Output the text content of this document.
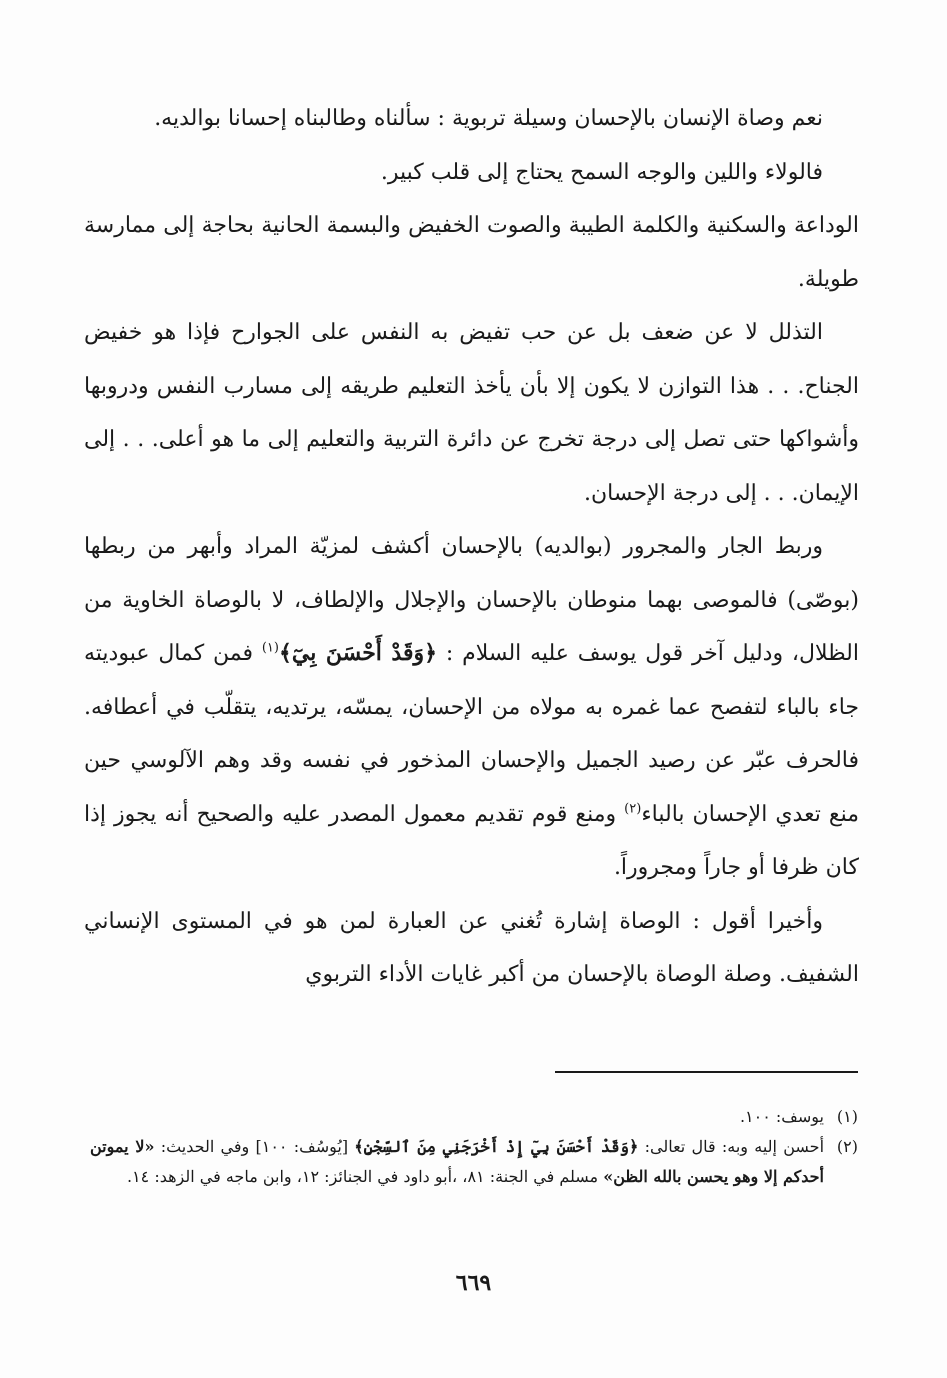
نعم وصاة الإنسان بالإحسان وسيلة تربوية : سألناه وطالبناه إحسانا بوالديه.

فالولاء واللين والوجه السمح يحتاج إلى قلب كبير.

الوداعة والسكنية والكلمة الطيبة والصوت الخفيض والبسمة الحانية بحاجة إلى ممارسة طويلة.

التذلل لا عن ضعف بل عن حب تفيض به النفس على الجوارح فإذا هو خفيض الجناح. . . هذا التوازن لا يكون إلا بأن يأخذ التعليم طريقه إلى مسارب النفس ودروبها وأشواكها حتى تصل إلى درجة تخرج عن دائرة التربية والتعليم إلى ما هو أعلى. . . إلى الإيمان. . . إلى درجة الإحسان.

وربط الجار والمجرور (بوالديه) بالإحسان أكشف لمزيّة المراد وأبهر من ربطها (بوصّى) فالموصى بهما منوطان بالإحسان والإجلال والإلطاف، لا بالوصاة الخاوية من الظلال، ودليل آخر قول يوسف عليه السلام : ﴿وَقَدْ أَحْسَنَ بِيٓ﴾$^{(١)}$ فمن كمال عبوديته جاء بالباء لتفصح عما غمره به مولاه من الإحسان، يمسّه، يرتديه، يتقلّب في أعطافه. فالحرف عبّر عن رصيد الجميل والإحسان المذخور في نفسه وقد وهم الآلوسي حين منع تعدي الإحسان بالباء$^{(٢)}$ ومنع قوم تقديم معمول المصدر عليه والصحيح أنه يجوز إذا كان ظرفا أو جاراً ومجروراً.

وأخيرا أقول : الوصاة إشارة تُغني عن العبارة لمن هو في المستوى الإنساني الشفيف. وصلة الوصاة بالإحسان من أكبر غايات الأداء التربوي

(١)
يوسف: ١٠٠.
(٢)
أحسن إليه وبه: قال تعالى: ﴿وَقَدْ أَحْسَنَ بِيٓ إِذْ أَخْرَجَنِي مِنَ ٱلسِّجْنِ﴾ [يُوسُف: ١٠٠] وفي الحديث: «لا يموتن أحدكم إلا وهو يحسن بالله الظن» مسلم في الجنة: ٨١، ،أبو داود في الجنائز: ١٢، وابن ماجه في الزهد: ١٤.
٦٦٩
